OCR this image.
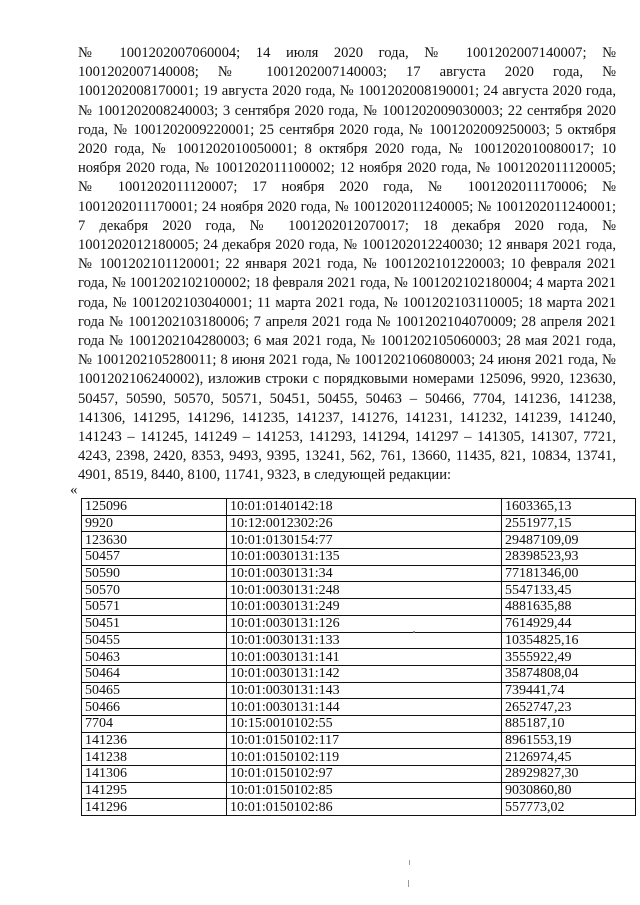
№ 1001202007060004; 14 июля 2020 года, № 1001202007140007; № 1001202007140008; № 1001202007140003; 17 августа 2020 года, № 1001202008170001; 19 августа 2020 года, № 1001202008190001; 24 августа 2020 года, № 1001202008240003; 3 сентября 2020 года, № 1001202009030003; 22 сентября 2020 года, № 1001202009220001; 25 сентября 2020 года, № 1001202009250003; 5 октября 2020 года, № 1001202010050001; 8 октября 2020 года, № 1001202010080017; 10 ноября 2020 года, № 1001202011100002; 12 ноября 2020 года, № 1001202011120005; № 1001202011120007; 17 ноября 2020 года, № 1001202011170006; № 1001202011170001; 24 ноября 2020 года, № 1001202011240005; № 1001202011240001; 7 декабря 2020 года, № 1001202012070017; 18 декабря 2020 года, № 1001202012180005; 24 декабря 2020 года, № 1001202012240030; 12 января 2021 года, № 1001202101120001; 22 января 2021 года, № 1001202101220003; 10 февраля 2021 года, № 1001202102100002; 18 февраля 2021 года, № 1001202102180004; 4 марта 2021 года, № 1001202103040001; 11 марта 2021 года, № 1001202103110005; 18 марта 2021 года № 1001202103180006; 7 апреля 2021 года № 1001202104070009; 28 апреля 2021 года № 1001202104280003; 6 мая 2021 года, № 1001202105060003; 28 мая 2021 года, № 1001202105280011; 8 июня 2021 года, № 1001202106080003; 24 июня 2021 года, № 1001202106240002), изложив строки с порядковыми номерами 125096, 9920, 123630, 50457, 50590, 50570, 50571, 50451, 50455, 50463 – 50466, 7704, 141236, 141238, 141306, 141295, 141296, 141235, 141237, 141276, 141231, 141232, 141239, 141240, 141243 – 141245, 141249 – 141253, 141293, 141294, 141297 – 141305, 141307, 7721, 4243, 2398, 2420, 8353, 9493, 9395, 13241, 562, 761, 13660, 11435, 821, 10834, 13741, 4901, 8519, 8440, 8100, 11741, 9323, в следующей редакции:
«
125096	10:01:0140142:18	1603365,13
9920	10:12:0012302:26	2551977,15
123630	10:01:0130154:77	29487109,09
50457	10:01:0030131:135	28398523,93
50590	10:01:0030131:34	77181346,00
50570	10:01:0030131:248	5547133,45
50571	10:01:0030131:249	4881635,88
50451	10:01:0030131:126	7614929,44
50455	10:01:0030131:133	10354825,16
50463	10:01:0030131:141	3555922,49
50464	10:01:0030131:142	35874808,04
50465	10:01:0030131:143	739441,74
50466	10:01:0030131:144	2652747,23
7704	10:15:0010102:55	885187,10
141236	10:01:0150102:117	8961553,19
141238	10:01:0150102:119	2126974,45
141306	10:01:0150102:97	28929827,30
141295	10:01:0150102:85	9030860,80
141296	10:01:0150102:86	557773,02
